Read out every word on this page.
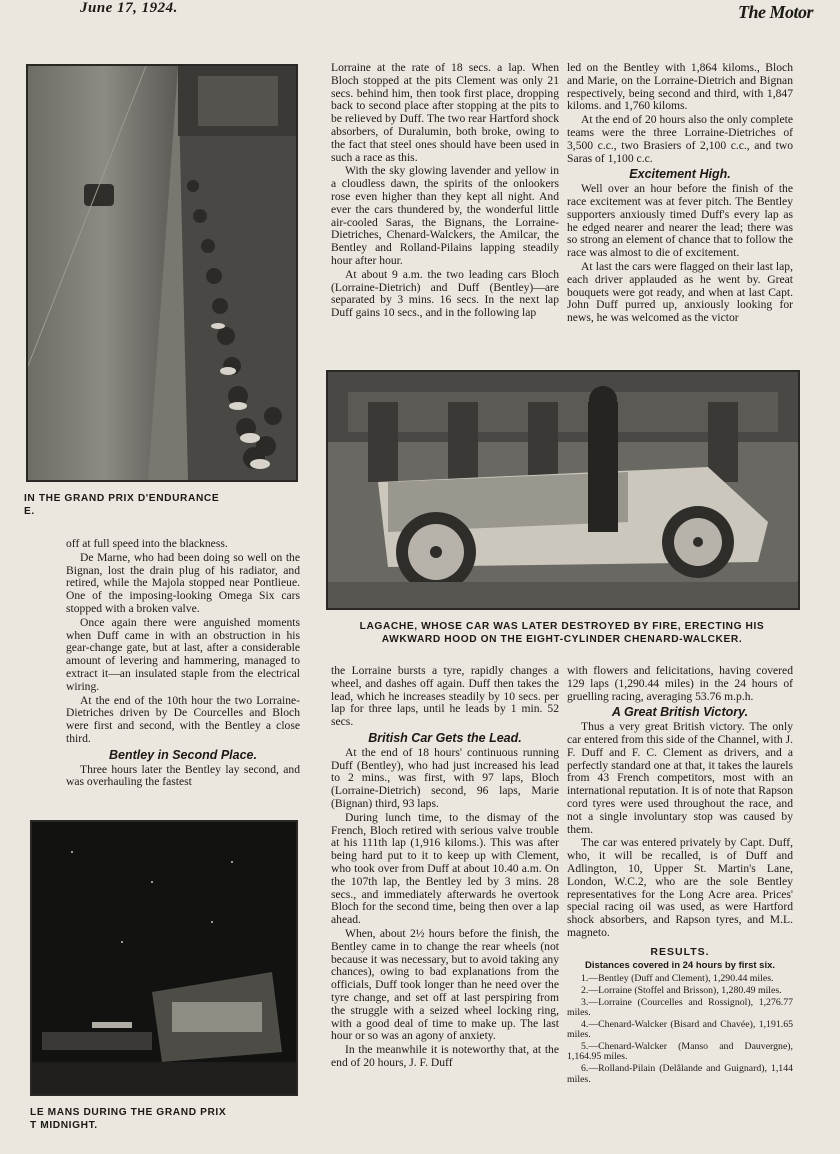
June 17, 1924.	The Motor
IN THE GRAND PRIX D'ENDURANCE
E.

off at full speed into the blackness.

De Marne, who had been doing so well on the Bignan, lost the drain plug of his radiator, and retired, while the Majola stopped near Pontlieue. One of the imposing-looking Omega Six cars stopped with a broken valve.

Once again there were anguished moments when Duff came in with an obstruction in his gear-change gate, but at last, after a considerable amount of levering and hammering, managed to extract it—an insulated staple from the electrical wiring.

At the end of the 10th hour the two Lorraine-Dietriches driven by De Courcelles and Bloch were first and second, with the Bentley a close third.

Bentley in Second Place.

Three hours later the Bentley lay second, and was overhauling the fastest

LE MANS DURING THE GRAND PRIX
T MIDNIGHT.

Lorraine at the rate of 18 secs. a lap. When Bloch stopped at the pits Clement was only 21 secs. behind him, then took first place, dropping back to second place after stopping at the pits to be relieved by Duff. The two rear Hartford shock absorbers, of Duralumin, both broke, owing to the fact that steel ones should have been used in such a race as this.

With the sky glowing lavender and yellow in a cloudless dawn, the spirits of the onlookers rose even higher than they kept all night. And ever the cars thundered by, the wonderful little air-cooled Saras, the Bignans, the Lorraine-Dietriches, Chenard-Walckers, the Amilcar, the Bentley and Rolland-Pilains lapping steadily hour after hour.

At about 9 a.m. the two leading cars Bloch (Lorraine-Dietrich) and Duff (Bentley)—are separated by 3 mins. 16 secs. In the next lap Duff gains 10 secs., and in the following lap

led on the Bentley with 1,864 kiloms., Bloch and Marie, on the Lorraine-Dietrich and Bignan respectively, being second and third, with 1,847 kiloms. and 1,760 kiloms.

At the end of 20 hours also the only complete teams were the three Lorraine-Dietriches of 3,500 c.c., two Brasiers of 2,100 c.c., and two Saras of 1,100 c.c.

Excitement High.

Well over an hour before the finish of the race excitement was at fever pitch. The Bentley supporters anxiously timed Duff's every lap as he edged nearer and nearer the lead; there was so strong an element of chance that to follow the race was almost to die of excitement.

At last the cars were flagged on their last lap, each driver applauded as he went by. Great bouquets were got ready, and when at last Capt. John Duff purred up, anxiously looking for news, he was welcomed as the victor

LAGACHE, WHOSE CAR WAS LATER DESTROYED BY FIRE, ERECTING HIS
AWKWARD HOOD ON THE EIGHT-CYLINDER CHENARD-WALCKER.

the Lorraine bursts a tyre, rapidly changes a wheel, and dashes off again. Duff then takes the lead, which he increases steadily by 10 secs. per lap for three laps, until he leads by 1 min. 52 secs.

British Car Gets the Lead.

At the end of 18 hours' continuous running Duff (Bentley), who had just increased his lead to 2 mins., was first, with 97 laps, Bloch (Lorraine-Dietrich) second, 96 laps, Marie (Bignan) third, 93 laps.

During lunch time, to the dismay of the French, Bloch retired with serious valve trouble at his 111th lap (1,916 kiloms.). This was after being hard put to it to keep up with Clement, who took over from Duff at about 10.40 a.m. On the 107th lap, the Bentley led by 3 mins. 28 secs., and immediately afterwards he overtook Bloch for the second time, being then over a lap ahead.

When, about 2½ hours before the finish, the Bentley came in to change the rear wheels (not because it was necessary, but to avoid taking any chances), owing to bad explanations from the officials, Duff took longer than he need over the tyre change, and set off at last perspiring from the struggle with a seized wheel locking ring, with a good deal of time to make up. The last hour or so was an agony of anxiety.

In the meanwhile it is noteworthy that, at the end of 20 hours, J. F. Duff

with flowers and felicitations, having covered 129 laps (1,290.44 miles) in the 24 hours of gruelling racing, averaging 53.76 m.p.h.

A Great British Victory.

Thus a very great British victory. The only car entered from this side of the Channel, with J. F. Duff and F. C. Clement as drivers, and a perfectly standard one at that, it takes the laurels from 43 French competitors, most with an international reputation. It is of note that Rapson cord tyres were used throughout the race, and not a single involuntary stop was caused by them.

The car was entered privately by Capt. Duff, who, it will be recalled, is of Duff and Adlington, 10, Upper St. Martin's Lane, London, W.C.2, who are the sole Bentley representatives for the Long Acre area. Prices' special racing oil was used, as were Hartford shock absorbers, and Rapson tyres, and M.L. magneto.

RESULTS.
Distances covered in 24 hours by first six.
1.—Bentley (Duff and Clement), 1,290.44 miles.
2.—Lorraine (Stoffel and Brisson), 1,280.49 miles.
3.—Lorraine (Courcelles and Rossignol), 1,276.77 miles.
4.—Chenard-Walcker (Bisard and Chavée), 1,191.65 miles.
5.—Chenard-Walcker (Manso and Dauvergne), 1,164.95 miles.
6.—Rolland-Pilain (Delâlande and Guignard), 1,144 miles.
